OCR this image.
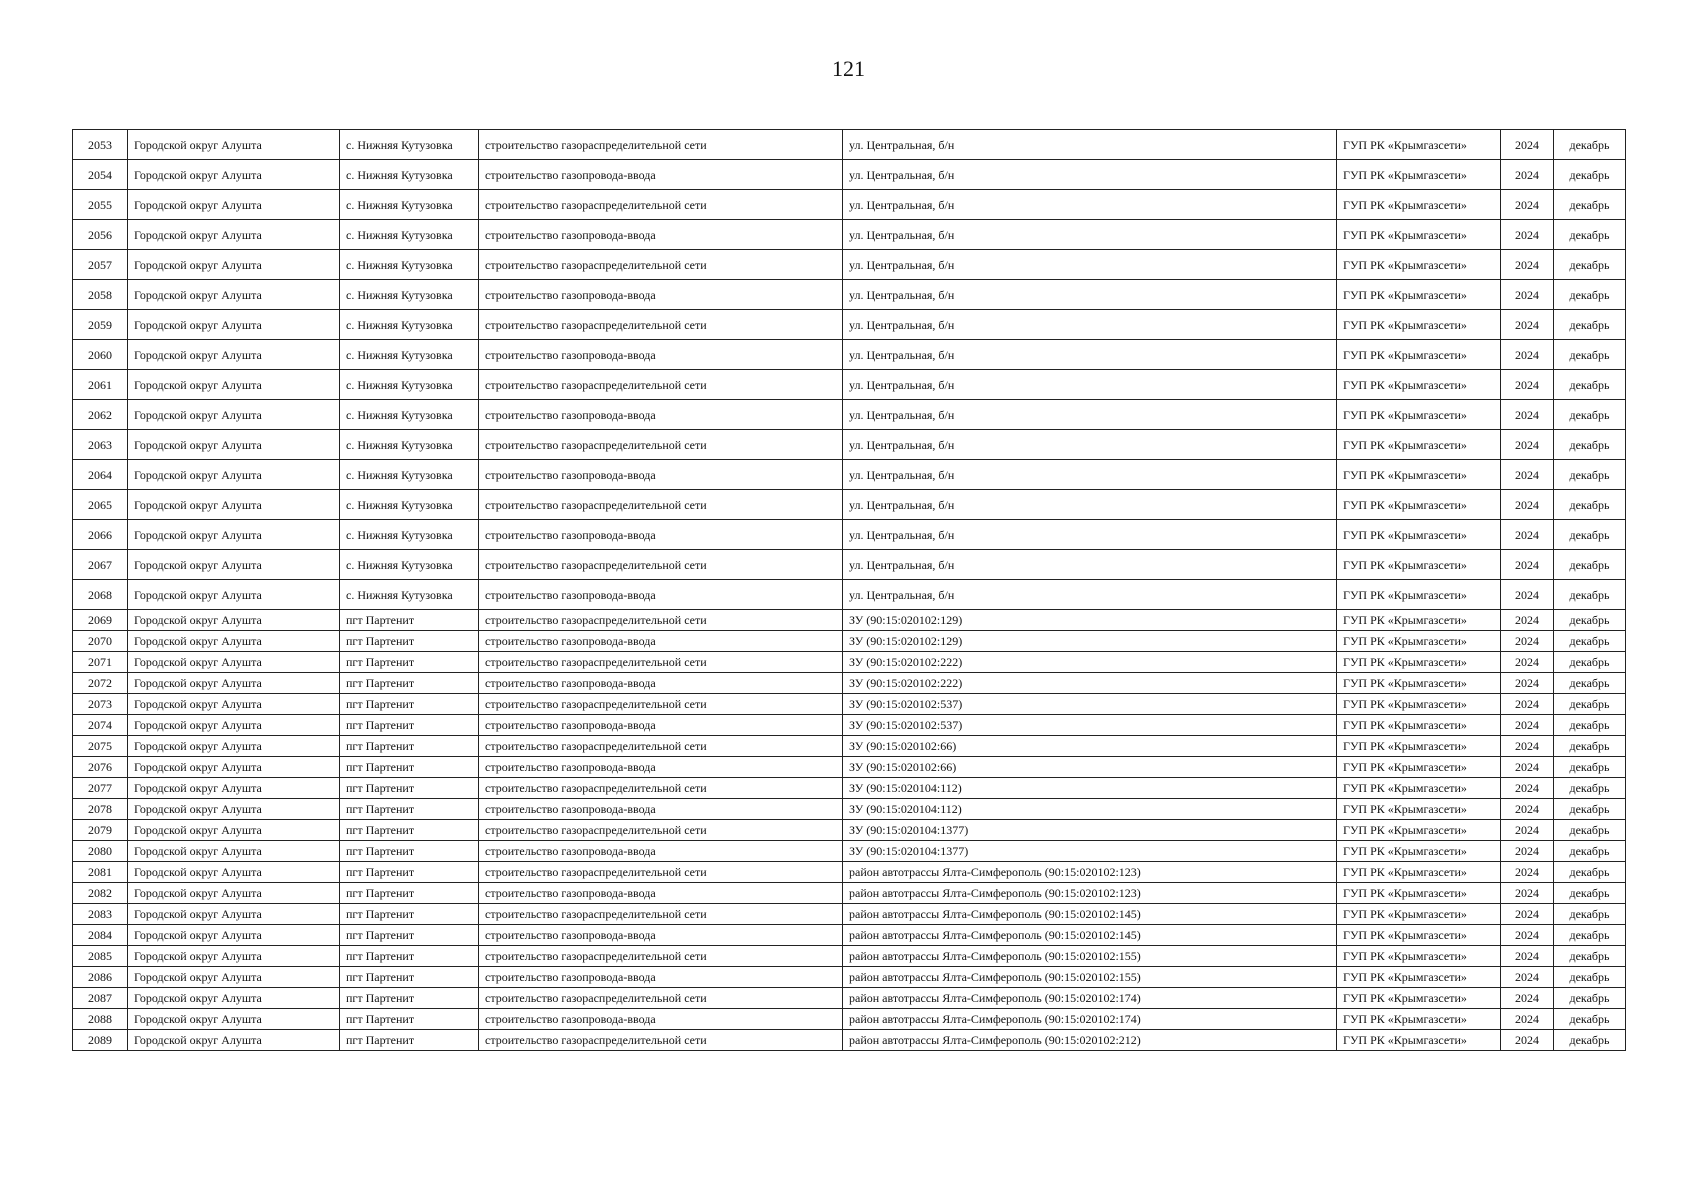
121
2053	Городской округ Алушта	с. Нижняя Кутузовка	строительство газораспределительной сети	ул. Центральная, б/н	ГУП РК «Крымгазсети»	2024	декабрь
2054	Городской округ Алушта	с. Нижняя Кутузовка	строительство газопровода-ввода	ул. Центральная, б/н	ГУП РК «Крымгазсети»	2024	декабрь
2055	Городской округ Алушта	с. Нижняя Кутузовка	строительство газораспределительной сети	ул. Центральная, б/н	ГУП РК «Крымгазсети»	2024	декабрь
2056	Городской округ Алушта	с. Нижняя Кутузовка	строительство газопровода-ввода	ул. Центральная, б/н	ГУП РК «Крымгазсети»	2024	декабрь
2057	Городской округ Алушта	с. Нижняя Кутузовка	строительство газораспределительной сети	ул. Центральная, б/н	ГУП РК «Крымгазсети»	2024	декабрь
2058	Городской округ Алушта	с. Нижняя Кутузовка	строительство газопровода-ввода	ул. Центральная, б/н	ГУП РК «Крымгазсети»	2024	декабрь
2059	Городской округ Алушта	с. Нижняя Кутузовка	строительство газораспределительной сети	ул. Центральная, б/н	ГУП РК «Крымгазсети»	2024	декабрь
2060	Городской округ Алушта	с. Нижняя Кутузовка	строительство газопровода-ввода	ул. Центральная, б/н	ГУП РК «Крымгазсети»	2024	декабрь
2061	Городской округ Алушта	с. Нижняя Кутузовка	строительство газораспределительной сети	ул. Центральная, б/н	ГУП РК «Крымгазсети»	2024	декабрь
2062	Городской округ Алушта	с. Нижняя Кутузовка	строительство газопровода-ввода	ул. Центральная, б/н	ГУП РК «Крымгазсети»	2024	декабрь
2063	Городской округ Алушта	с. Нижняя Кутузовка	строительство газораспределительной сети	ул. Центральная, б/н	ГУП РК «Крымгазсети»	2024	декабрь
2064	Городской округ Алушта	с. Нижняя Кутузовка	строительство газопровода-ввода	ул. Центральная, б/н	ГУП РК «Крымгазсети»	2024	декабрь
2065	Городской округ Алушта	с. Нижняя Кутузовка	строительство газораспределительной сети	ул. Центральная, б/н	ГУП РК «Крымгазсети»	2024	декабрь
2066	Городской округ Алушта	с. Нижняя Кутузовка	строительство газопровода-ввода	ул. Центральная, б/н	ГУП РК «Крымгазсети»	2024	декабрь
2067	Городской округ Алушта	с. Нижняя Кутузовка	строительство газораспределительной сети	ул. Центральная, б/н	ГУП РК «Крымгазсети»	2024	декабрь
2068	Городской округ Алушта	с. Нижняя Кутузовка	строительство газопровода-ввода	ул. Центральная, б/н	ГУП РК «Крымгазсети»	2024	декабрь
2069	Городской округ Алушта	пгт Партенит	строительство газораспределительной сети	ЗУ (90:15:020102:129)	ГУП РК «Крымгазсети»	2024	декабрь
2070	Городской округ Алушта	пгт Партенит	строительство газопровода-ввода	ЗУ (90:15:020102:129)	ГУП РК «Крымгазсети»	2024	декабрь
2071	Городской округ Алушта	пгт Партенит	строительство газораспределительной сети	ЗУ (90:15:020102:222)	ГУП РК «Крымгазсети»	2024	декабрь
2072	Городской округ Алушта	пгт Партенит	строительство газопровода-ввода	ЗУ (90:15:020102:222)	ГУП РК «Крымгазсети»	2024	декабрь
2073	Городской округ Алушта	пгт Партенит	строительство газораспределительной сети	ЗУ (90:15:020102:537)	ГУП РК «Крымгазсети»	2024	декабрь
2074	Городской округ Алушта	пгт Партенит	строительство газопровода-ввода	ЗУ (90:15:020102:537)	ГУП РК «Крымгазсети»	2024	декабрь
2075	Городской округ Алушта	пгт Партенит	строительство газораспределительной сети	ЗУ (90:15:020102:66)	ГУП РК «Крымгазсети»	2024	декабрь
2076	Городской округ Алушта	пгт Партенит	строительство газопровода-ввода	ЗУ (90:15:020102:66)	ГУП РК «Крымгазсети»	2024	декабрь
2077	Городской округ Алушта	пгт Партенит	строительство газораспределительной сети	ЗУ (90:15:020104:112)	ГУП РК «Крымгазсети»	2024	декабрь
2078	Городской округ Алушта	пгт Партенит	строительство газопровода-ввода	ЗУ (90:15:020104:112)	ГУП РК «Крымгазсети»	2024	декабрь
2079	Городской округ Алушта	пгт Партенит	строительство газораспределительной сети	ЗУ (90:15:020104:1377)	ГУП РК «Крымгазсети»	2024	декабрь
2080	Городской округ Алушта	пгт Партенит	строительство газопровода-ввода	ЗУ (90:15:020104:1377)	ГУП РК «Крымгазсети»	2024	декабрь
2081	Городской округ Алушта	пгт Партенит	строительство газораспределительной сети	район автотрассы Ялта-Симферополь (90:15:020102:123)	ГУП РК «Крымгазсети»	2024	декабрь
2082	Городской округ Алушта	пгт Партенит	строительство газопровода-ввода	район автотрассы Ялта-Симферополь (90:15:020102:123)	ГУП РК «Крымгазсети»	2024	декабрь
2083	Городской округ Алушта	пгт Партенит	строительство газораспределительной сети	район автотрассы Ялта-Симферополь (90:15:020102:145)	ГУП РК «Крымгазсети»	2024	декабрь
2084	Городской округ Алушта	пгт Партенит	строительство газопровода-ввода	район автотрассы Ялта-Симферополь (90:15:020102:145)	ГУП РК «Крымгазсети»	2024	декабрь
2085	Городской округ Алушта	пгт Партенит	строительство газораспределительной сети	район автотрассы Ялта-Симферополь (90:15:020102:155)	ГУП РК «Крымгазсети»	2024	декабрь
2086	Городской округ Алушта	пгт Партенит	строительство газопровода-ввода	район автотрассы Ялта-Симферополь (90:15:020102:155)	ГУП РК «Крымгазсети»	2024	декабрь
2087	Городской округ Алушта	пгт Партенит	строительство газораспределительной сети	район автотрассы Ялта-Симферополь (90:15:020102:174)	ГУП РК «Крымгазсети»	2024	декабрь
2088	Городской округ Алушта	пгт Партенит	строительство газопровода-ввода	район автотрассы Ялта-Симферополь (90:15:020102:174)	ГУП РК «Крымгазсети»	2024	декабрь
2089	Городской округ Алушта	пгт Партенит	строительство газораспределительной сети	район автотрассы Ялта-Симферополь (90:15:020102:212)	ГУП РК «Крымгазсети»	2024	декабрь
